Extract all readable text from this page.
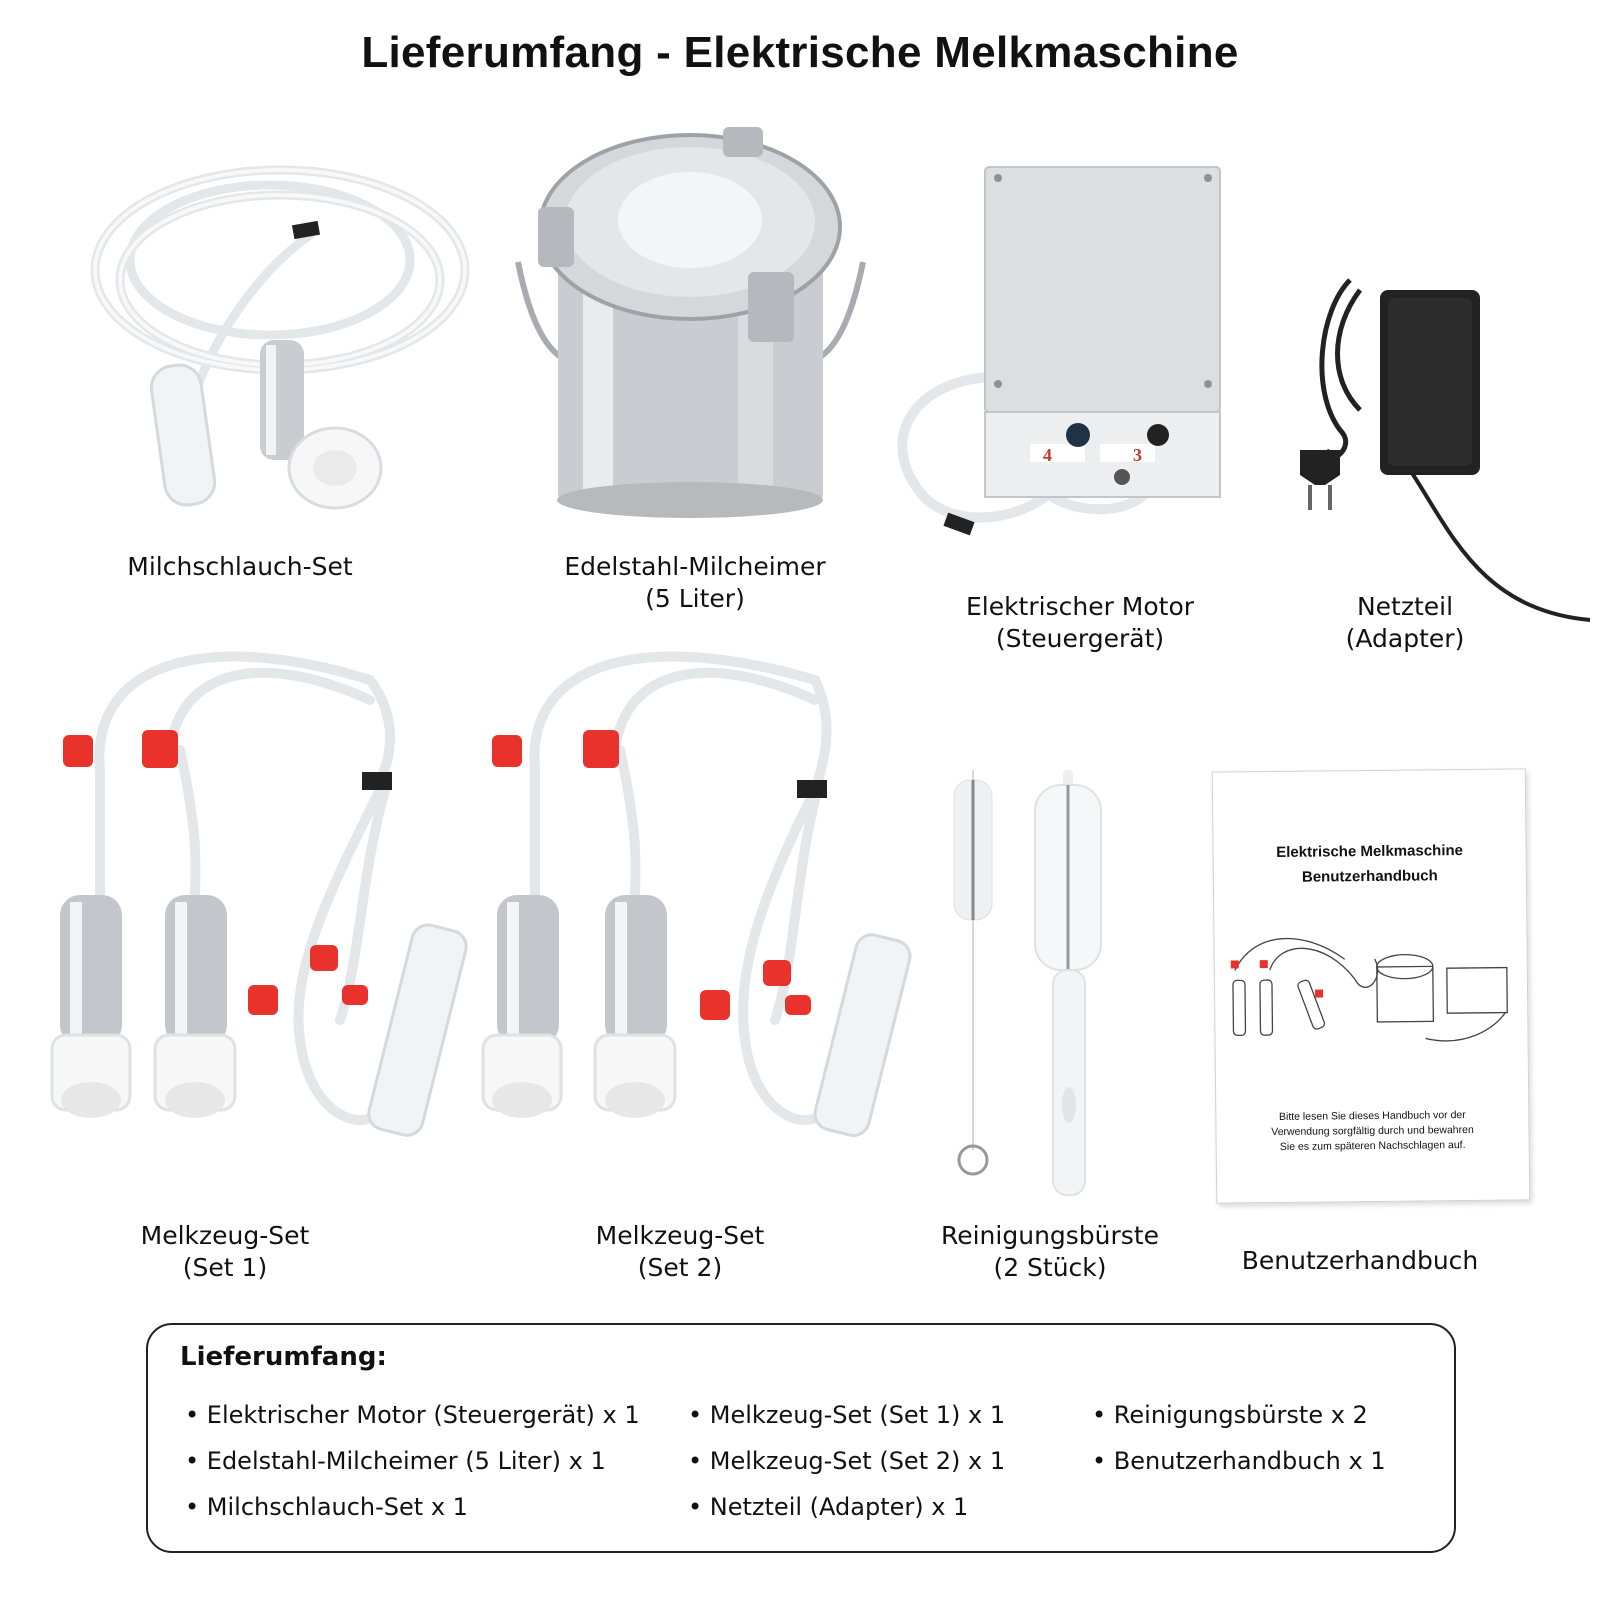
Lieferumfang - Elektrische Melkmaschine
4	3
Elektrische Melkmaschine
Benutzerhandbuch
Bitte lesen Sie dieses Handbuch vor der
Verwendung sorgfältig durch und bewahren
Sie es zum späteren Nachschlagen auf.
Milchschlauch-Set	Edelstahl-Milcheimer
(5 Liter)	Elektrischer Motor
(Steuergerät)
Netzteil
(Adapter)
Melkzeug-Set
(Set 1)
Melkzeug-Set
(Set 2)
Reinigungsbürste
(2 Stück)	Benutzerhandbuch
Lieferumfang:
• Elektrischer Motor (Steuergerät) x 1
• Edelstahl-Milcheimer (5 Liter) x 1
• Milchschlauch-Set x 1
• Melkzeug-Set (Set 1) x 1
• Melkzeug-Set (Set 2) x 1
• Netzteil (Adapter) x 1
• Reinigungsbürste x 2
• Benutzerhandbuch x 1
